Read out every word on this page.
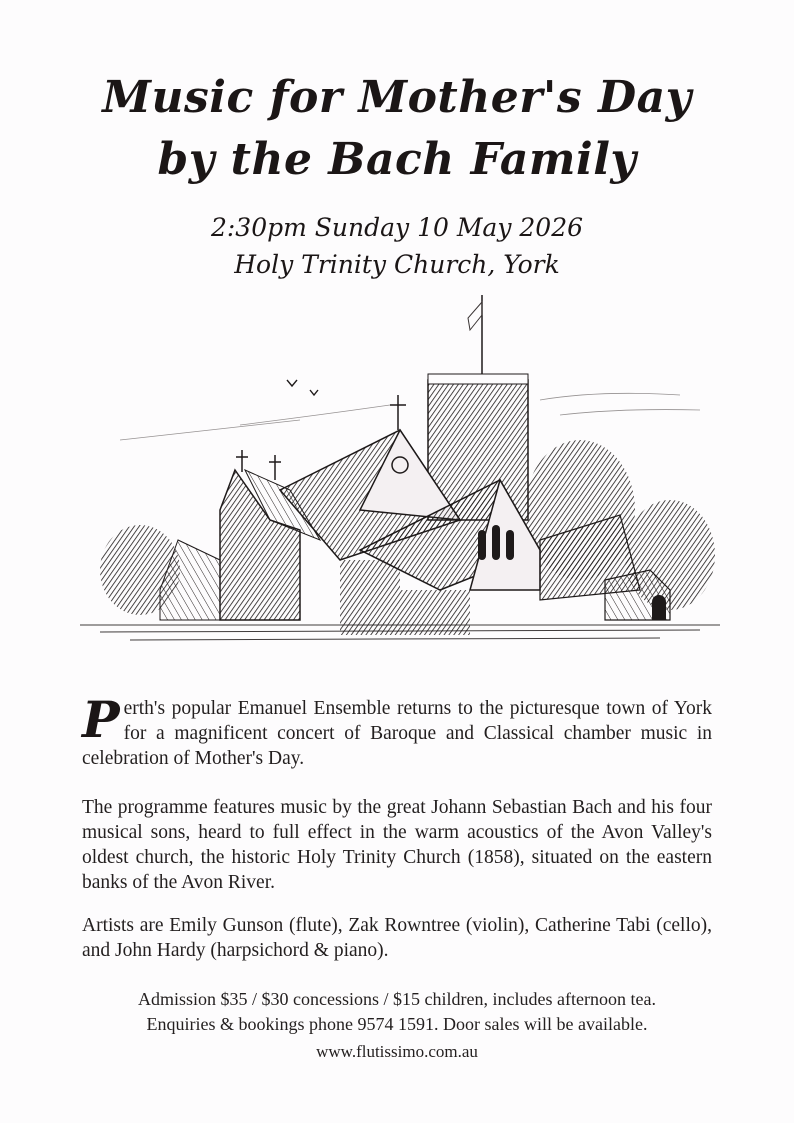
Music for Mother's Day
by the Bach Family
2:30pm Sunday 10 May 2026
Holy Trinity Church, York
Perth's popular Emanuel Ensemble returns to the picturesque town of York for a magnificent concert of Baroque and Classical chamber music in celebration of Mother's Day.
The programme features music by the great Johann Sebastian Bach and his four musical sons, heard to full effect in the warm acoustics of the Avon Valley's oldest church, the historic Holy Trinity Church (1858), situated on the eastern banks of the Avon River.
Artists are Emily Gunson (flute), Zak Rowntree (violin), Catherine Tabi (cello), and John Hardy (harpsichord & piano).
Admission $35 / $30 concessions / $15 children, includes afternoon tea.
Enquiries & bookings phone 9574 1591. Door sales will be available.
www.flutissimo.com.au
